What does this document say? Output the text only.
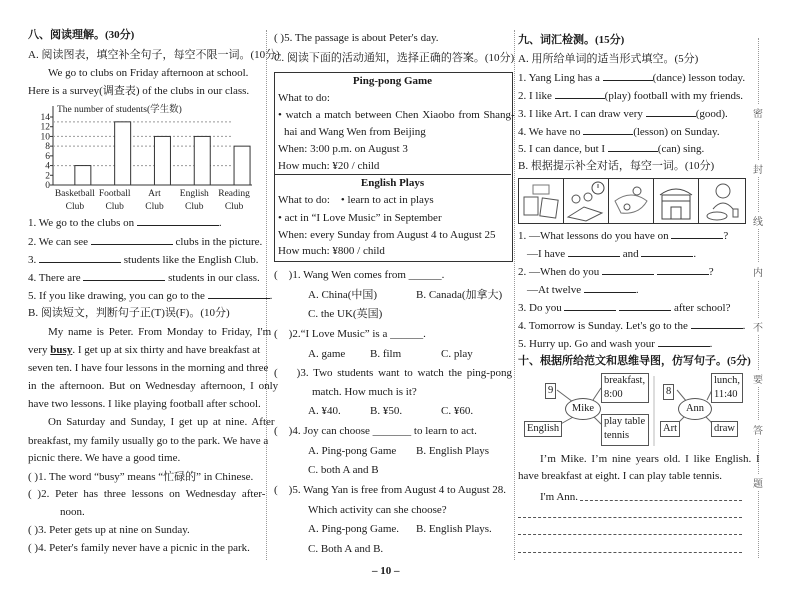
八、阅读理解。(30分)
A. 阅读图表，填空补全句子，每空不限一词。(10分)
We go to clubs on Friday afternoon at school.
Here is a survey(调查表) of the clubs in our class.
The number of students(学生数)
0
2
4
6
8
10
12
14
Basketball
Club
Football
Club
Art
Club
English
Club
Reading
Club
1. We go to the clubs on	.
2. We can see	clubs in the picture.
3.	students like the English Club.
4. There are	students in our class.
5. If you like drawing, you can go to the	.
B. 阅读短文，判断句子正(T)误(F)。(10分)
My name is Peter. From Monday to Friday, I'm
very busy. I get up at six thirty and have breakfast at
seven ten. I have four lessons in the morning and three
in the afternoon. But on Wednesday afternoon, I only
have two lessons. I like playing football after school.
On Saturday and Sunday, I get up at nine. After
breakfast, my family usually go to the park. We have a
picnic there. We have a good time.
( )1. The word “busy” means “忙碌的” in Chinese.
( )2. Peter has three lessons on Wednesday after-
noon.
( )3. Peter gets up at nine on Sunday.
( )4. Peter's family never have a picnic in the park.
( )5. The passage is about Peter's day.
C. 阅读下面的活动通知，选择正确的答案。(10分)
Ping-pong Game
What to do:
• watch a match between Chen Xiaobo from Shang-
hai and Wang Wen from Beijing
When: 3:00 p.m. on August 3
How much: ¥20 / child
English Plays
What to do:    • learn to act in plays
• act in “I Love Music” in September
When: every Sunday from August 4 to August 25
How much: ¥800 / child
(    )1. Wang Wen comes from ______.
A. China(中国)	B. Canada(加拿大)
C. the UK(英国)
(    )2.“I Love Music” is a ______.
A. game B. film	C. play
(    )3. Two students want to watch the ping-pong
match. How much is it?
A. ¥40.	B. ¥50.	C. ¥60.
(    )4. Joy can choose _______ to learn to act.
A. Ping-pong Game B. English Plays
C. both A and B
(    )5. Wang Yan is free from August 4 to August 28.
Which activity can she choose?
A. Ping-pong Game. B. English Plays.
C. Both A and B.
– 10 –
九、词汇检测。(15分)
A. 用所给单词的适当形式填空。(5分)
1. Yang Ling has a	(dance) lesson today.
2. I like	(play) football with my friends.
3. I like Art. I can draw very	(good).
4. We have no	(lesson) on Sunday.
5. I can dance, but I	(can) sing.
B. 根据提示补全对话，每空一词。(10分)
1. —What lessons do you have on	?
—I have	and	.
2. —When do you	?
—At twelve	.
3. Do you	after school?
4. Tomorrow is Sunday. Let's go to the	.
5. Hurry up. Go and wash your	.
十、根据所给范文和思维导图，仿写句子。(5分)
9
Mike
breakfast,
8:00
play table
tennis
English
8
Ann
lunch,
11:40
Art	draw
I’m Mike. I’m nine years old. I like English. I
have breakfast at eight. I can play table tennis.
I'm Ann.
密
封
线
内
不
要
答
题
